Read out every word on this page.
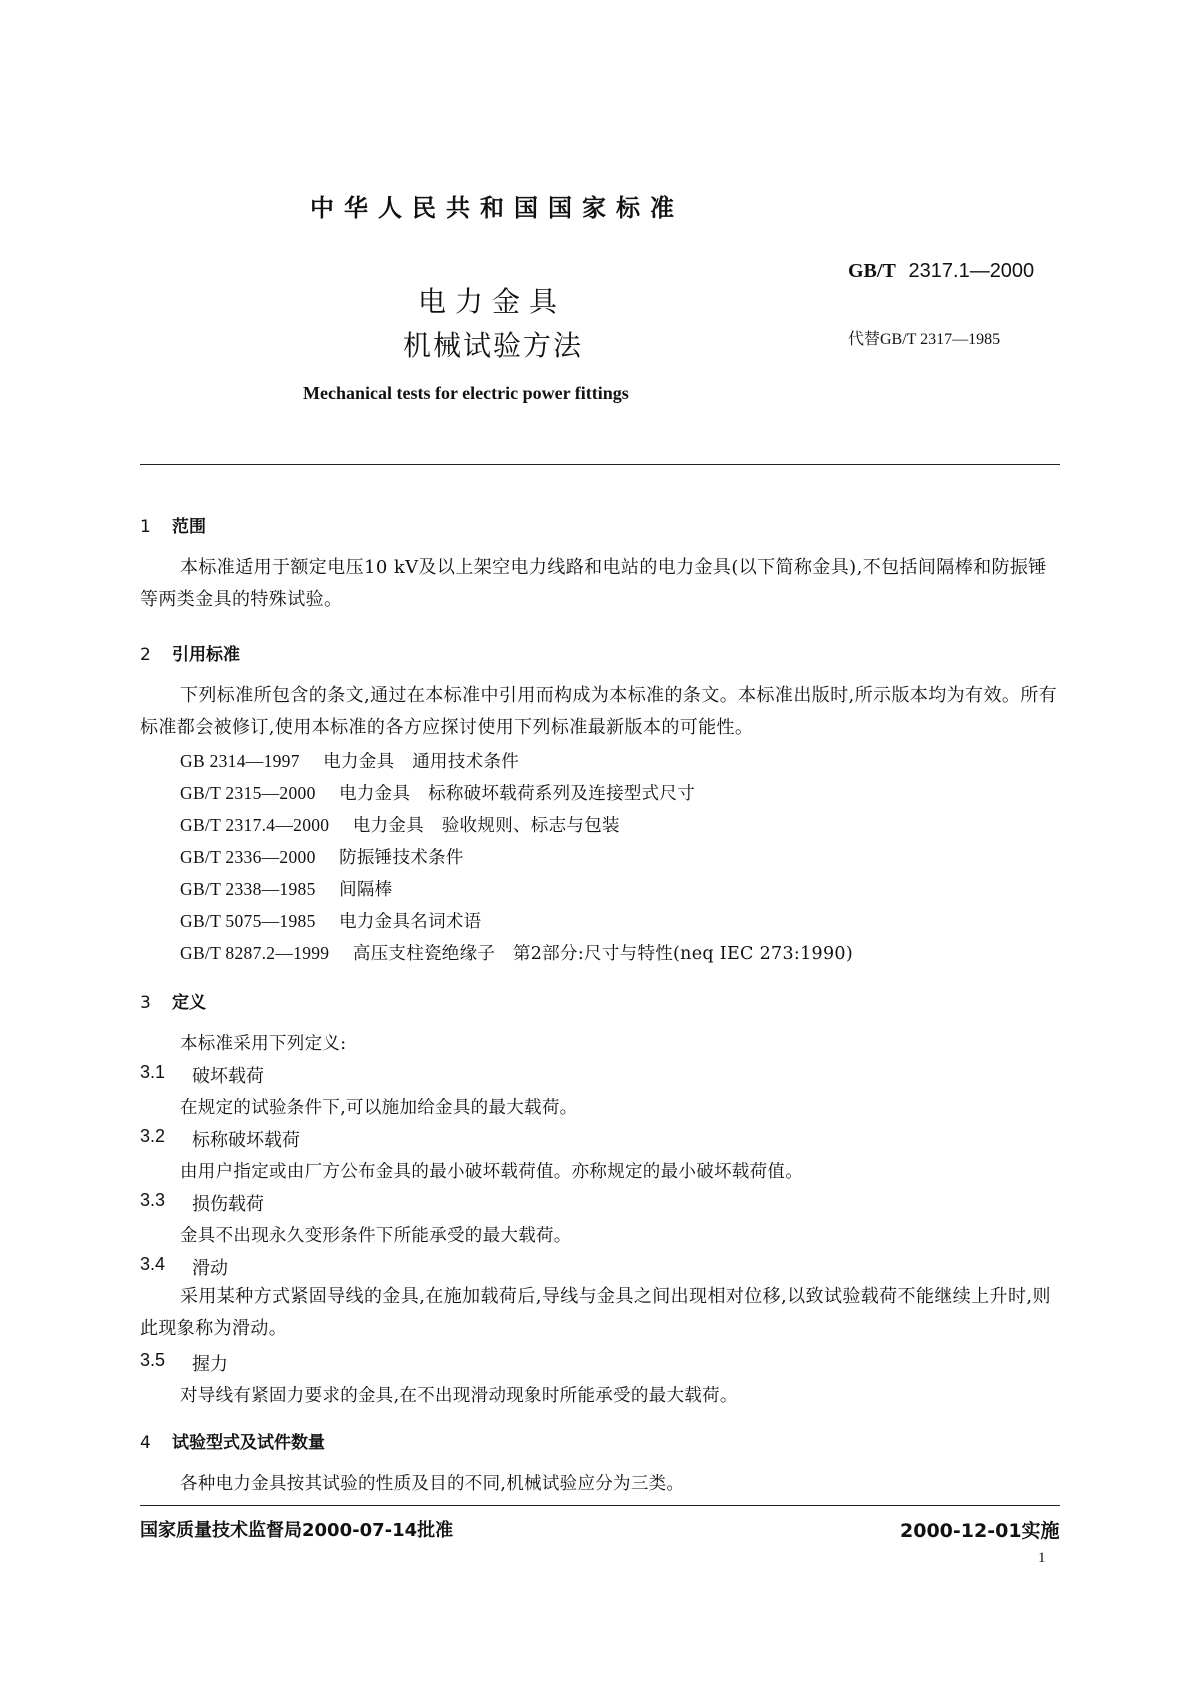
中华人民共和国国家标准
GB/T 2317.1—2000
电力金具
机械试验方法	代替GB/T 2317—1985
Mechanical tests for electric power fittings
1 范围
本标准适用于额定电压10 kV及以上架空电力线路和电站的电力金具(以下简称金具),不包括间隔棒和防振锤等两类金具的特殊试验。
2 引用标准
下列标准所包含的条文,通过在本标准中引用而构成为本标准的条文。本标准出版时,所示版本均为有效。所有标准都会被修订,使用本标准的各方应探讨使用下列标准最新版本的可能性。
GB 2314—1997 电力金具　通用技术条件
GB/T 2315—2000 电力金具　标称破坏载荷系列及连接型式尺寸
GB/T 2317.4—2000 电力金具　验收规则、标志与包装
GB/T 2336—2000 防振锤技术条件
GB/T 2338—1985 间隔棒
GB/T 5075—1985 电力金具名词术语
GB/T 8287.2—1999 高压支柱瓷绝缘子　第2部分:尺寸与特性(neq IEC 273:1990)
3 定义
本标准采用下列定义:
3.1 破坏载荷
在规定的试验条件下,可以施加给金具的最大载荷。
3.2 标称破坏载荷
由用户指定或由厂方公布金具的最小破坏载荷值。亦称规定的最小破坏载荷值。
3.3 损伤载荷
金具不出现永久变形条件下所能承受的最大载荷。
3.4 滑动
采用某种方式紧固导线的金具,在施加载荷后,导线与金具之间出现相对位移,以致试验载荷不能继续上升时,则此现象称为滑动。
3.5 握力
对导线有紧固力要求的金具,在不出现滑动现象时所能承受的最大载荷。
4 试验型式及试件数量
各种电力金具按其试验的性质及目的不同,机械试验应分为三类。
国家质量技术监督局2000-07-14批准	2000-12-01实施
1
